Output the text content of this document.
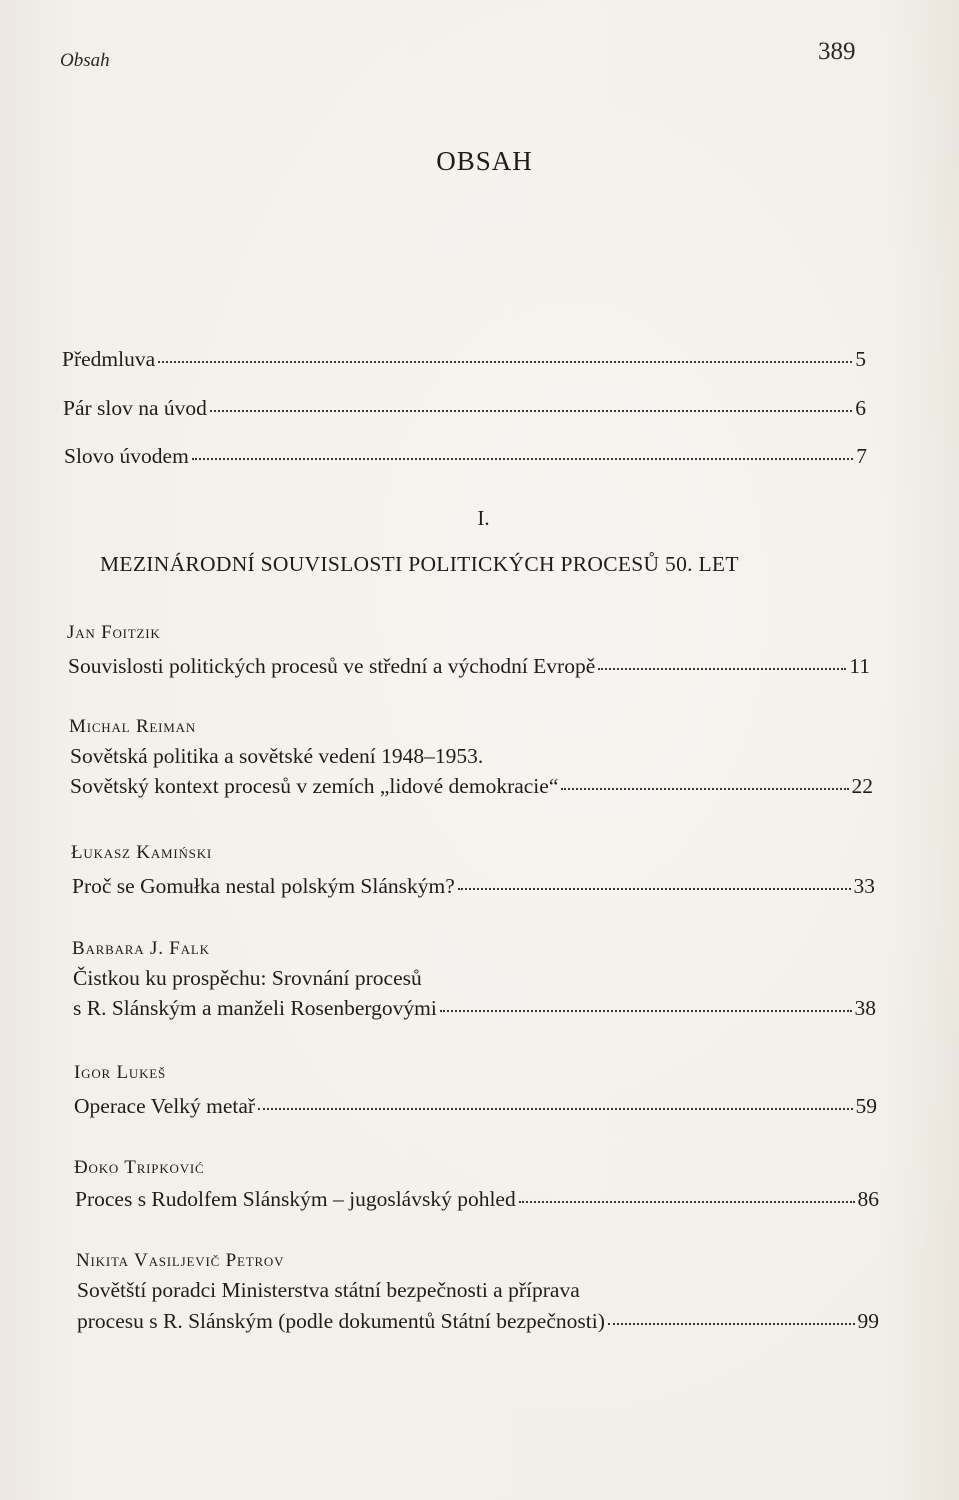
Obsah	389
OBSAH
Předmluva	5
Pár slov na úvod	6
Slovo úvodem	7
I.
MEZINÁRODNÍ SOUVISLOSTI POLITICKÝCH PROCESŮ 50. LET
Jan Foitzik
Souvislosti politických procesů ve střední a východní Evropě	11
Michal Reiman
Sovětská politika a sovětské vedení 1948–1953.
Sovětský kontext procesů v zemích „lidové demokracie“	22
Łukasz Kamiński
Proč se Gomułka nestal polským Slánským?	33
Barbara J. Falk
Čistkou ku prospěchu: Srovnání procesů
s R. Slánským a manželi Rosenbergovými	38
Igor Lukeš
Operace Velký metař	59
Đoko Tripković
Proces s Rudolfem Slánským – jugoslávský pohled	86
Nikita Vasiljevič Petrov
Sovětští poradci Ministerstva státní bezpečnosti a příprava
procesu s R. Slánským (podle dokumentů Státní bezpečnosti)	99
